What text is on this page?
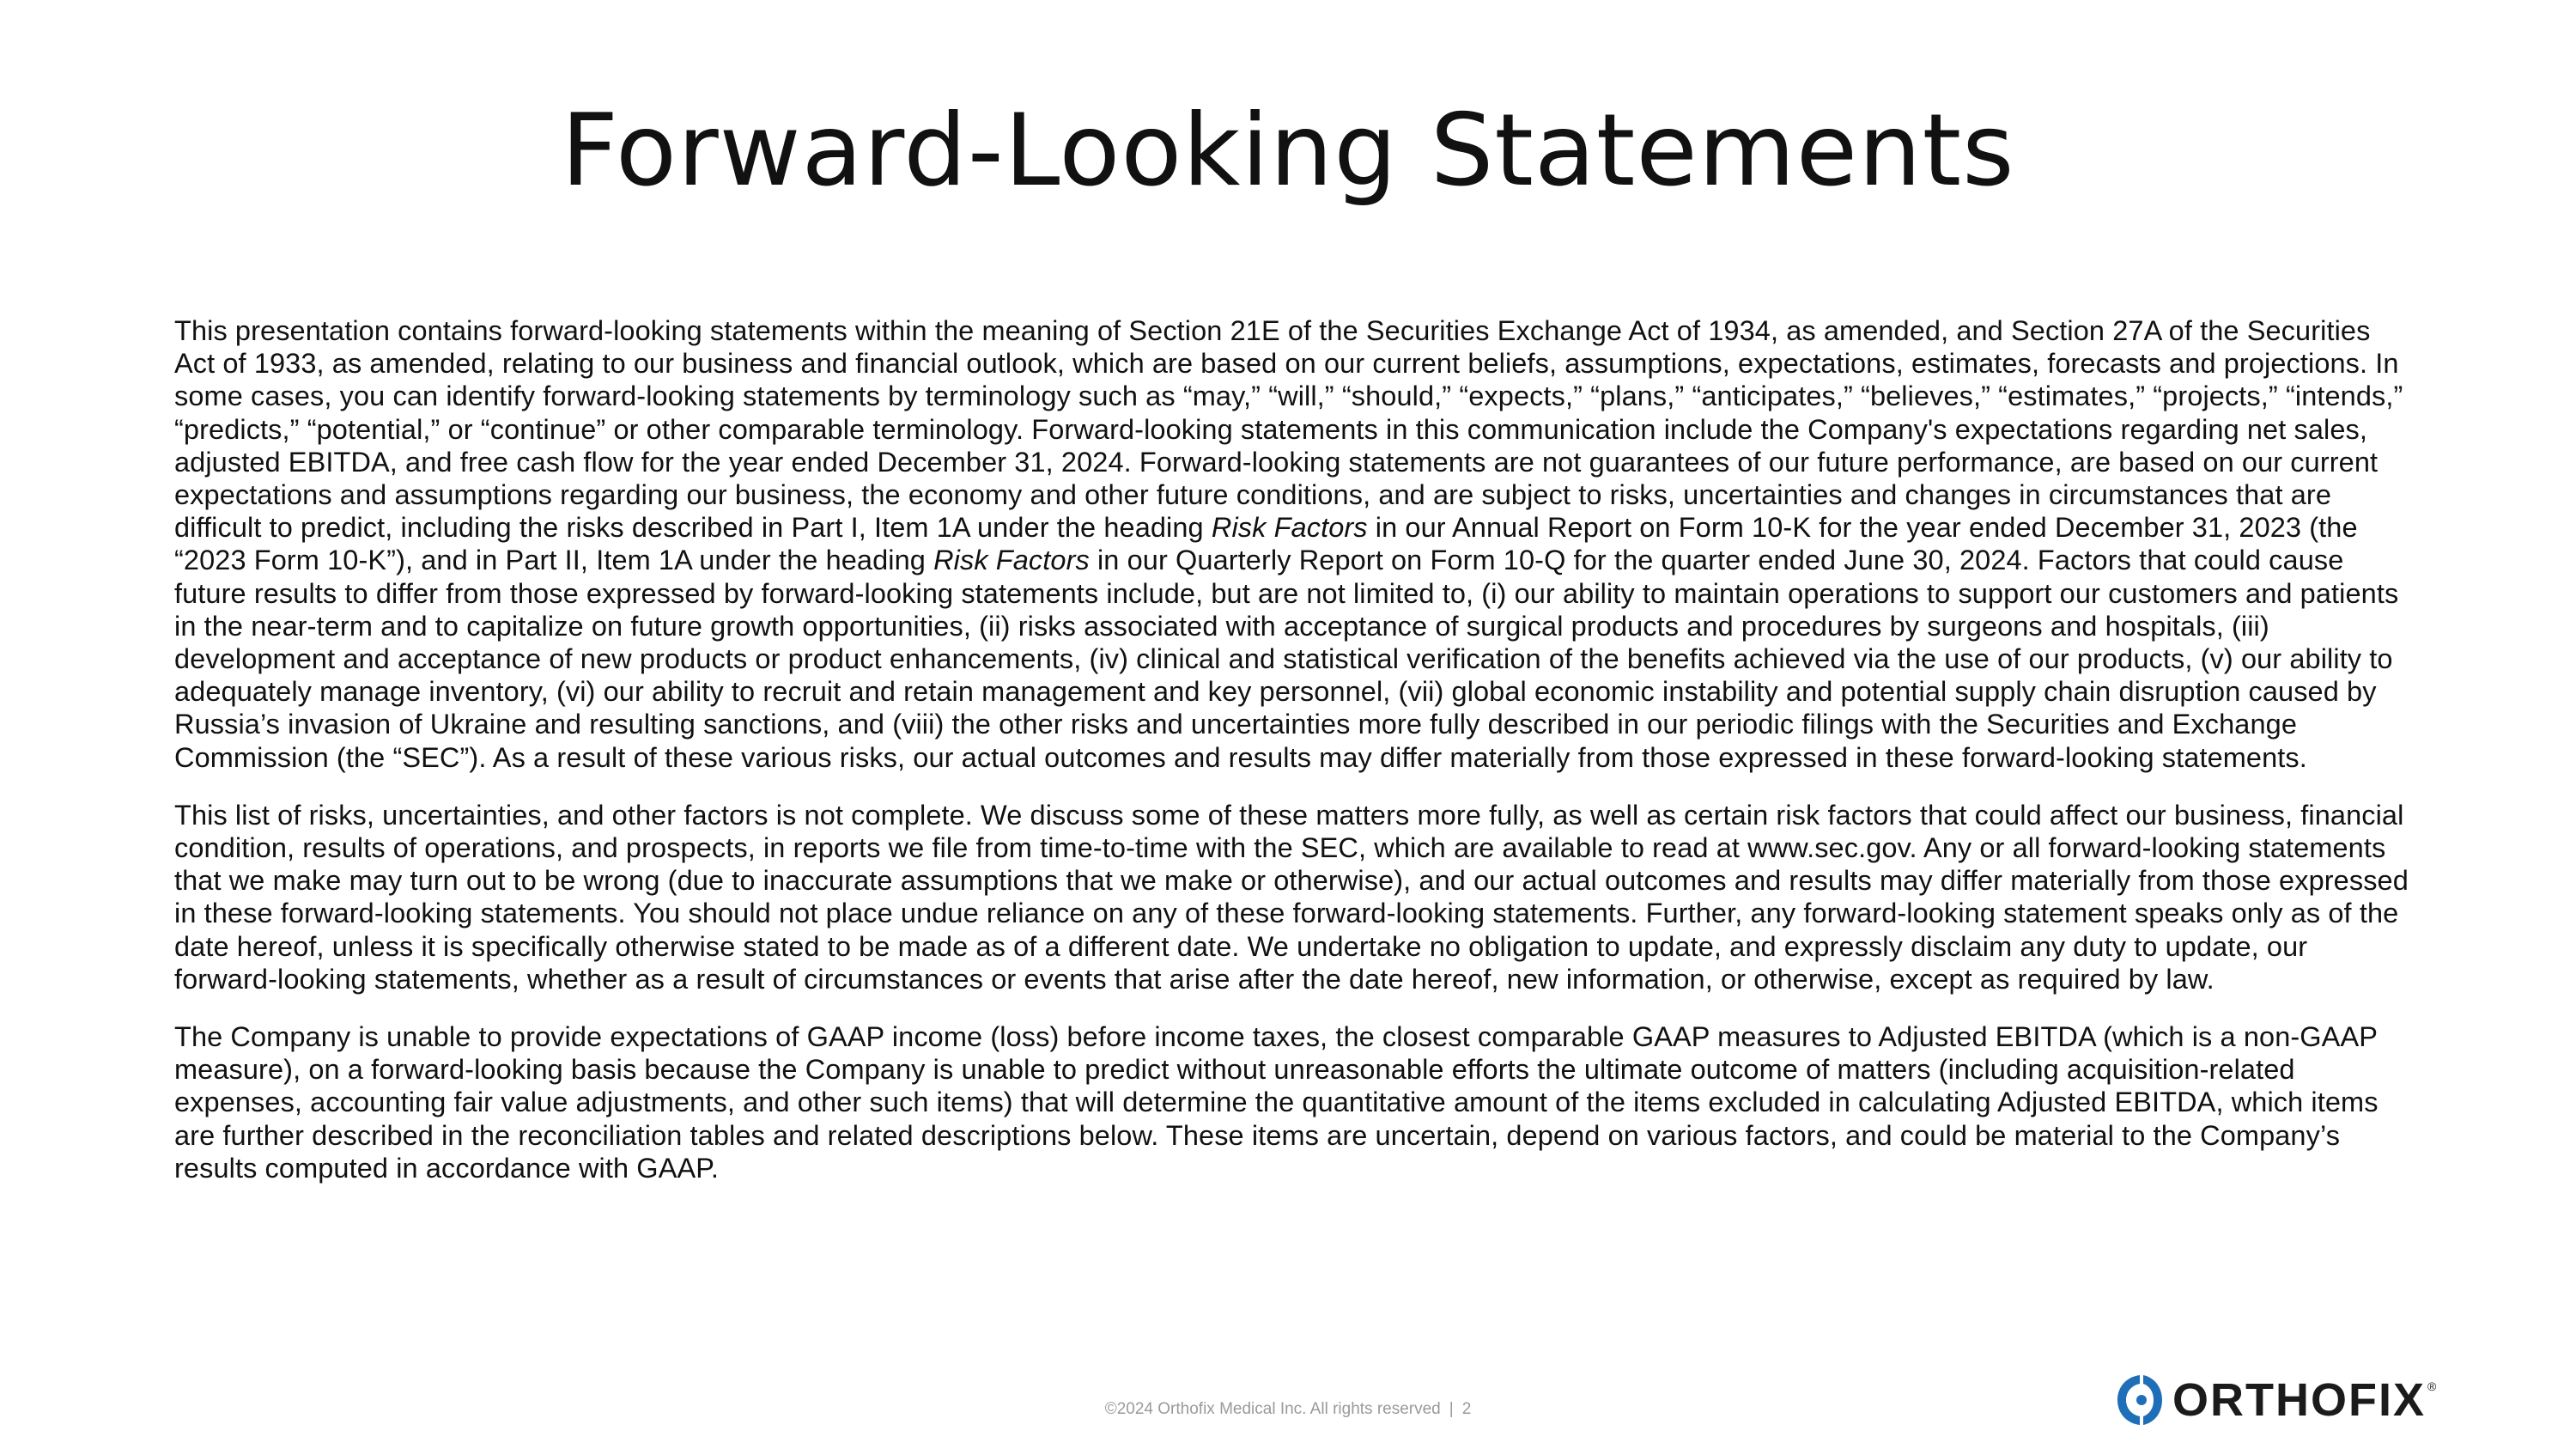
Forward-Looking Statements

This presentation contains forward-looking statements within the meaning of Section 21E of the Securities Exchange Act of 1934, as amended, and Section 27A of the Securities Act of 1933, as amended, relating to our business and financial outlook, which are based on our current beliefs, assumptions, expectations, estimates, forecasts and projections. In some cases, you can identify forward-looking statements by terminology such as “may,” “will,” “should,” “expects,” “plans,” “anticipates,” “believes,” “estimates,” “projects,” “intends,” “predicts,” “potential,” or “continue” or other comparable terminology. Forward-looking statements in this communication include the Company's expectations regarding net sales, adjusted EBITDA, and free cash flow for the year ended December 31, 2024. Forward-looking statements are not guarantees of our future performance, are based on our current expectations and assumptions regarding our business, the economy and other future conditions, and are subject to risks, uncertainties and changes in circumstances that are difficult to predict, including the risks described in Part I, Item 1A under the heading Risk Factors in our Annual Report on Form 10-K for the year ended December 31, 2023 (the “2023 Form 10-K”), and in Part II, Item 1A under the heading Risk Factors in our Quarterly Report on Form 10-Q for the quarter ended June 30, 2024. Factors that could cause future results to differ from those expressed by forward-looking statements include, but are not limited to, (i) our ability to maintain operations to support our customers and patients in the near-term and to capitalize on future growth opportunities, (ii) risks associated with acceptance of surgical products and procedures by surgeons and hospitals, (iii) development and acceptance of new products or product enhancements, (iv) clinical and statistical verification of the benefits achieved via the use of our products, (v) our ability to adequately manage inventory, (vi) our ability to recruit and retain management and key personnel, (vii) global economic instability and potential supply chain disruption caused by Russia’s invasion of Ukraine and resulting sanctions, and (viii) the other risks and uncertainties more fully described in our periodic filings with the Securities and Exchange Commission (the “SEC”). As a result of these various risks, our actual outcomes and results may differ materially from those expressed in these forward-looking statements.

This list of risks, uncertainties, and other factors is not complete. We discuss some of these matters more fully, as well as certain risk factors that could affect our business, financial condition, results of operations, and prospects, in reports we file from time-to-time with the SEC, which are available to read at www.sec.gov. Any or all forward-looking statements that we make may turn out to be wrong (due to inaccurate assumptions that we make or otherwise), and our actual outcomes and results may differ materially from those expressed in these forward-looking statements. You should not place undue reliance on any of these forward-looking statements. Further, any forward-looking statement speaks only as of the date hereof, unless it is specifically otherwise stated to be made as of a different date. We undertake no obligation to update, and expressly disclaim any duty to update, our forward-looking statements, whether as a result of circumstances or events that arise after the date hereof, new information, or otherwise, except as required by law.

The Company is unable to provide expectations of GAAP income (loss) before income taxes, the closest comparable GAAP measures to Adjusted EBITDA (which is a non-GAAP measure), on a forward-looking basis because the Company is unable to predict without unreasonable efforts the ultimate outcome of matters (including acquisition-related expenses, accounting fair value adjustments, and other such items) that will determine the quantitative amount of the items excluded in calculating Adjusted EBITDA, which items are further described in the reconciliation tables and related descriptions below. These items are uncertain, depend on various factors, and could be material to the Company’s results computed in accordance with GAAP.

©2024 Orthofix Medical Inc. All rights reserved | 2	ORTHOFIX ®
